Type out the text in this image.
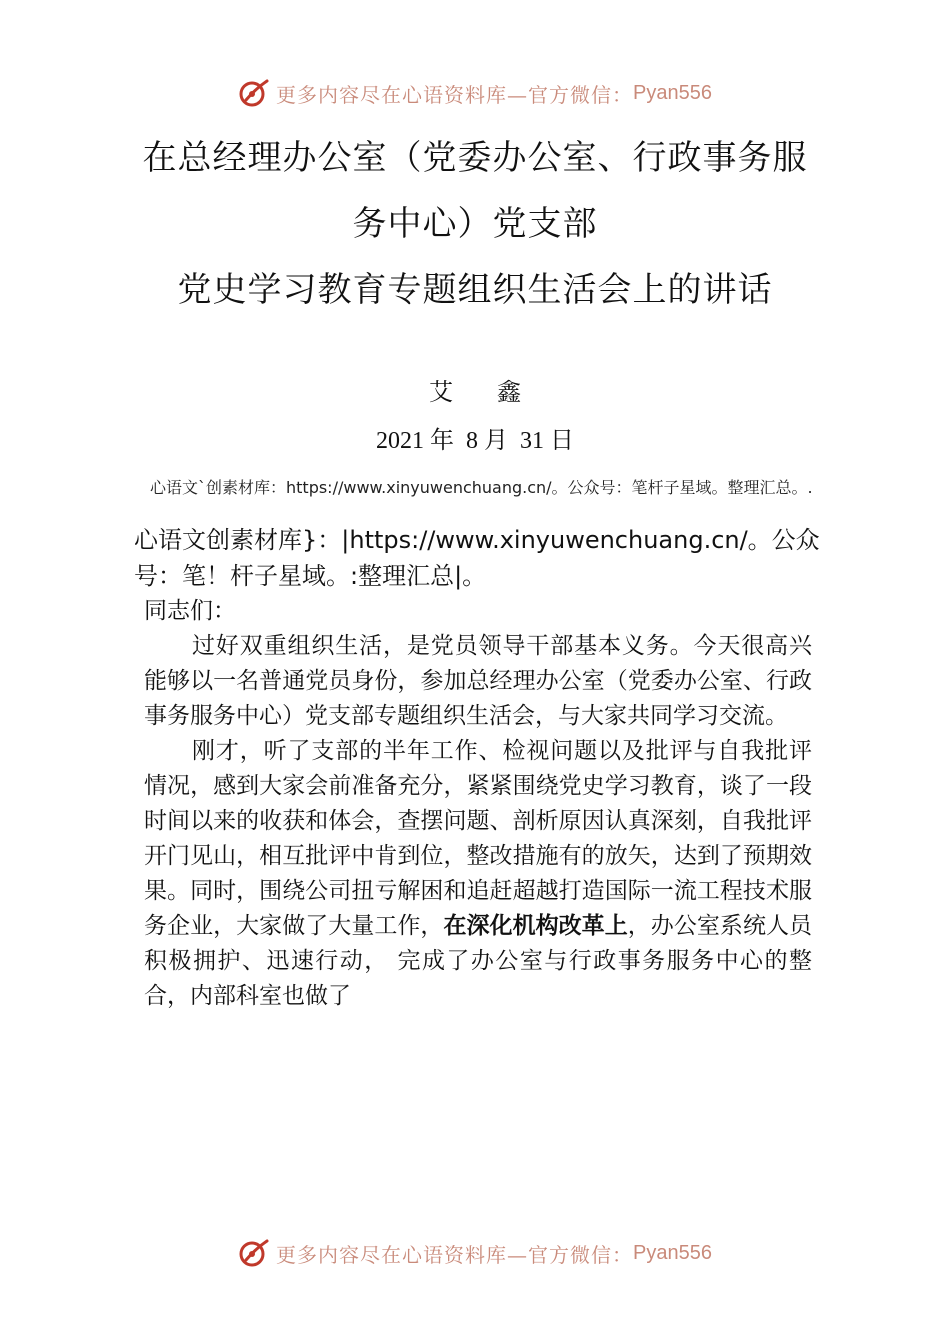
更多内容尽在心语资料库—官方微信： Pyan556
在总经理办公室（党委办公室、行政事务服
务中心）党支部
党史学习教育专题组织生活会上的讲话
艾鑫
2021 年  8 月  31 日
心语文`创素材库：https://www.xinyuwenchuang.cn/。公众号：笔杆子星域。整理汇总。.
心语文创素材库}：|https://www.xinyuwenchuang.cn/。公众号：笔！杆子星域。:整理汇总|。

同志们：

过好双重组织生活，是党员领导干部基本义务。今天很高兴能够以一名普通党员身份，参加总经理办公室（党委办公室、行政事务服务中心）党支部专题组织生活会，与大家共同学习交流。

刚才，听了支部的半年工作、检视问题以及批评与自我批评情况，感到大家会前准备充分，紧紧围绕党史学习教育，谈了一段时间以来的收获和体会，查摆问题、剖析原因认真深刻，自我批评开门见山，相互批评中肯到位，整改措施有的放矢，达到了预期效果。同时，围绕公司扭亏解困和追赶超越打造国际一流工程技术服务企业，大家做了大量工作，在深化机构改革上，办公室系统人员积极拥护、迅速行动， 完成了办公室与行政事务服务中心的整合，内部科室也做了

更多内容尽在心语资料库—官方微信： Pyan556
